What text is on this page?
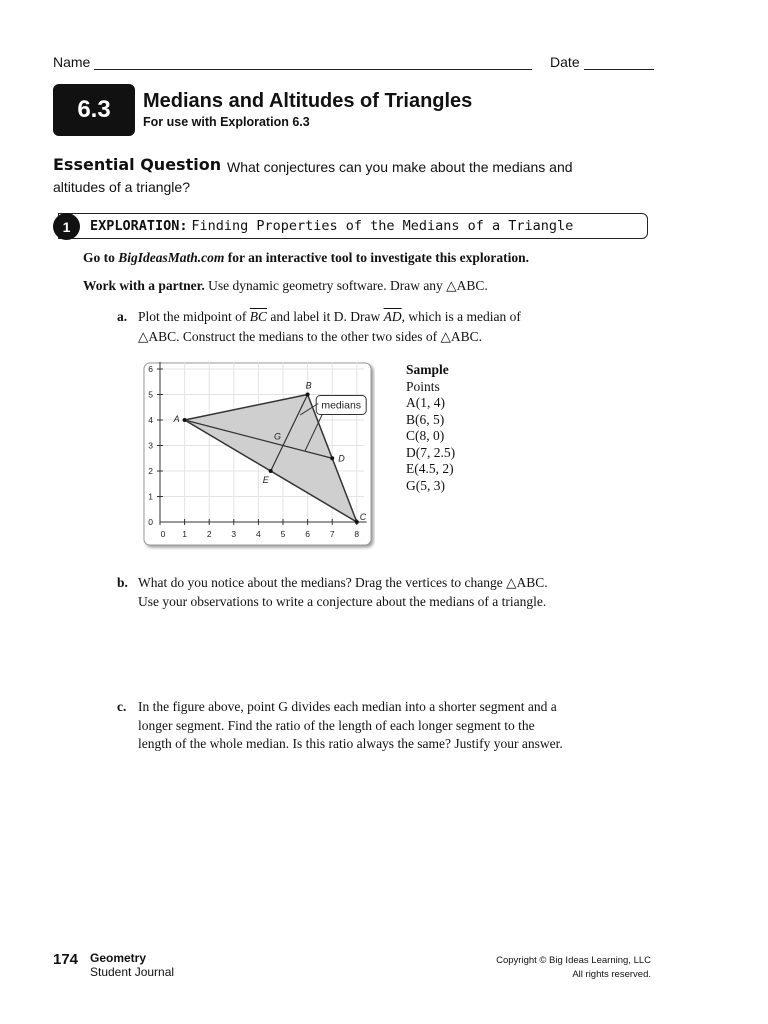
Name	Date
6.3	Medians and Altitudes of Triangles
For use with Exploration 6.3
Essential Question What conjectures can you make about the medians and altitudes of a triangle?
1	EXPLORATION: Finding Properties of the Medians of a Triangle
Go to BigIdeasMath.com for an interactive tool to investigate this exploration.
Work with a partner. Use dynamic geometry software. Draw any △ABC.
a. Plot the midpoint of $\overline{BC}$ and label it D. Draw $\overline{AD}$, which is a median of
△ABC. Construct the medians to the other two sides of △ABC.
0 1 2 3 4 5 6 7 8
0
1
2
3
4
5
6
A
B
C
D
E
G
medians
Sample
Points
A(1, 4)
B(6, 5)
C(8, 0)
D(7, 2.5)
E(4.5, 2)
G(5, 3)
b. What do you notice about the medians? Drag the vertices to change △ABC.
Use your observations to write a conjecture about the medians of a triangle.
c. In the figure above, point G divides each median into a shorter segment and a
longer segment. Find the ratio of the length of each longer segment to the
length of the whole median. Is this ratio always the same? Justify your answer.
174 Geometry
Student Journal
Copyright © Big Ideas Learning, LLC
All rights reserved.
